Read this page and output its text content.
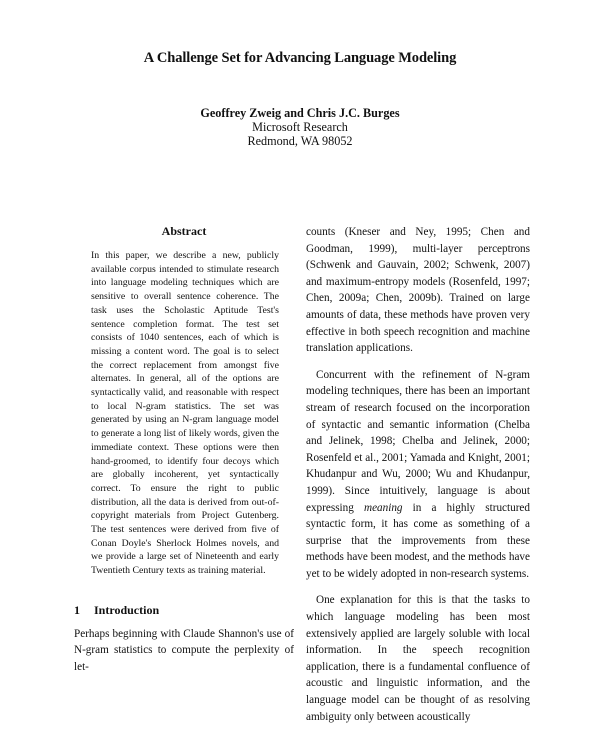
A Challenge Set for Advancing Language Modeling
Geoffrey Zweig and Chris J.C. Burges
Microsoft Research
Redmond, WA 98052
Abstract

In this paper, we describe a new, publicly available corpus intended to stimulate research into language modeling techniques which are sensitive to overall sentence coherence. The task uses the Scholastic Aptitude Test's sentence completion format. The test set consists of 1040 sentences, each of which is missing a content word. The goal is to select the correct replacement from amongst five alternates. In general, all of the options are syntactically valid, and reasonable with respect to local N-gram statistics. The set was generated by using an N-gram language model to generate a long list of likely words, given the immediate context. These options were then hand-groomed, to identify four decoys which are globally incoherent, yet syntactically correct. To ensure the right to public distribution, all the data is derived from out-of-copyright materials from Project Gutenberg. The test sentences were derived from five of Conan Doyle's Sherlock Holmes novels, and we provide a large set of Nineteenth and early Twentieth Century texts as training material.

1 Introduction

Perhaps beginning with Claude Shannon's use of N-gram statistics to compute the perplexity of let-

counts (Kneser and Ney, 1995; Chen and Goodman, 1999), multi-layer perceptrons (Schwenk and Gauvain, 2002; Schwenk, 2007) and maximum-entropy models (Rosenfeld, 1997; Chen, 2009a; Chen, 2009b). Trained on large amounts of data, these methods have proven very effective in both speech recognition and machine translation applications.

Concurrent with the refinement of N-gram modeling techniques, there has been an important stream of research focused on the incorporation of syntactic and semantic information (Chelba and Jelinek, 1998; Chelba and Jelinek, 2000; Rosenfeld et al., 2001; Yamada and Knight, 2001; Khudanpur and Wu, 2000; Wu and Khudanpur, 1999). Since intuitively, language is about expressing meaning in a highly structured syntactic form, it has come as something of a surprise that the improvements from these methods have been modest, and the methods have yet to be widely adopted in non-research systems.

One explanation for this is that the tasks to which language modeling has been most extensively applied are largely soluble with local information. In the speech recognition application, there is a fundamental confluence of acoustic and linguistic information, and the language model can be thought of as resolving ambiguity only between acoustically
